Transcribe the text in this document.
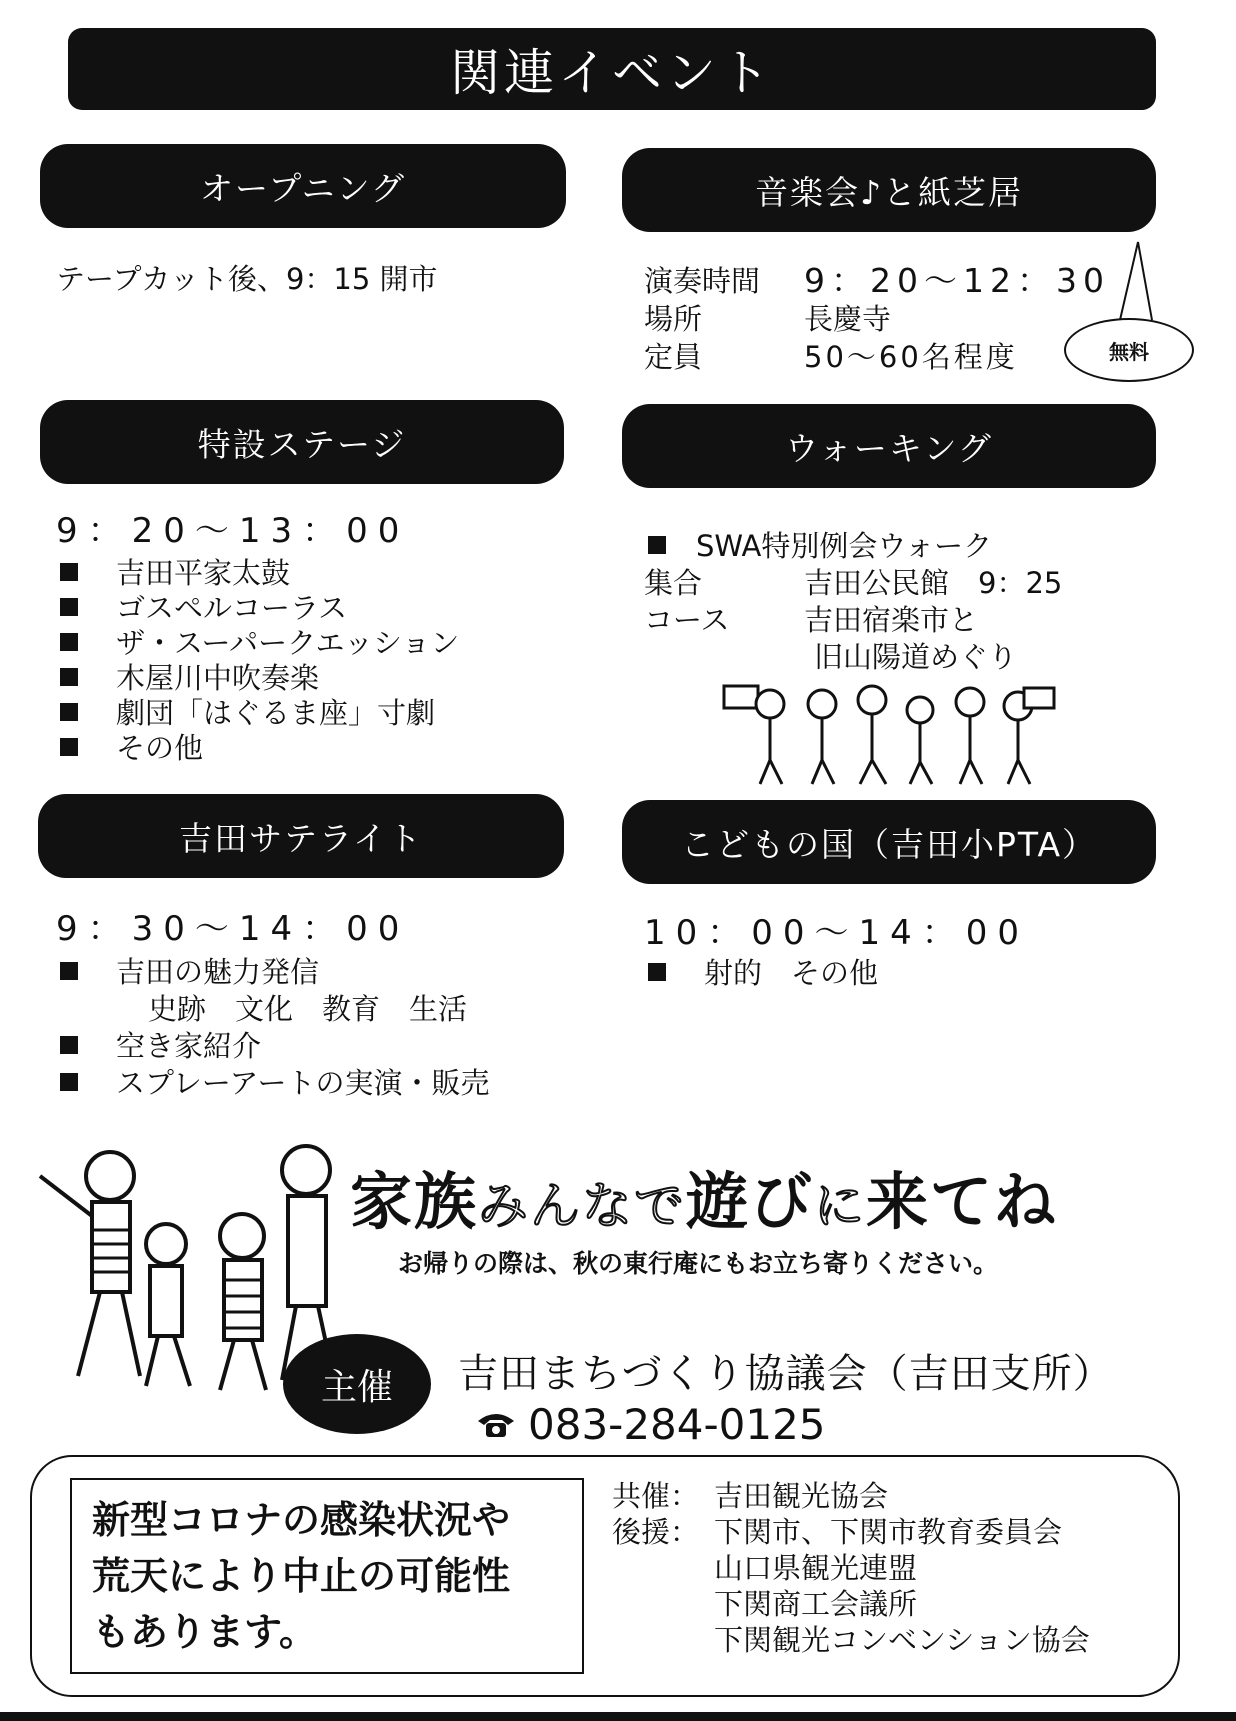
関連イベント
オープニング
テープカット後、9：15 開市
音楽会♪と紙芝居
演奏時間	9：20〜12：30
場所	長慶寺
定員	50〜60名程度	無料
特設ステージ
9：20〜13：00
吉田平家太鼓
ゴスペルコーラス
ザ・スーパークエッション
木屋川中吹奏楽
劇団「はぐるま座」寸劇
その他
ウォーキング
SWA特別例会ウォーク
集合	吉田公民館　9：25
コース	吉田宿楽市と
旧山陽道めぐり
吉田サテライト
9：30〜14：00
吉田の魅力発信
史跡　文化　教育　生活
空き家紹介
スプレーアートの実演・販売
こどもの国（吉田小PTA）
10：00〜14：00
射的　その他
家族みんなで遊びに来てね
お帰りの際は、秋の東行庵にもお立ち寄りください。
主催	吉田まちづくり協議会（吉田支所）
083-284-0125
新型コロナの感染状況や
荒天により中止の可能性
もあります。
共催： 吉田観光協会
後援： 下関市、下関市教育委員会
山口県観光連盟
下関商工会議所
下関観光コンベンション協会
